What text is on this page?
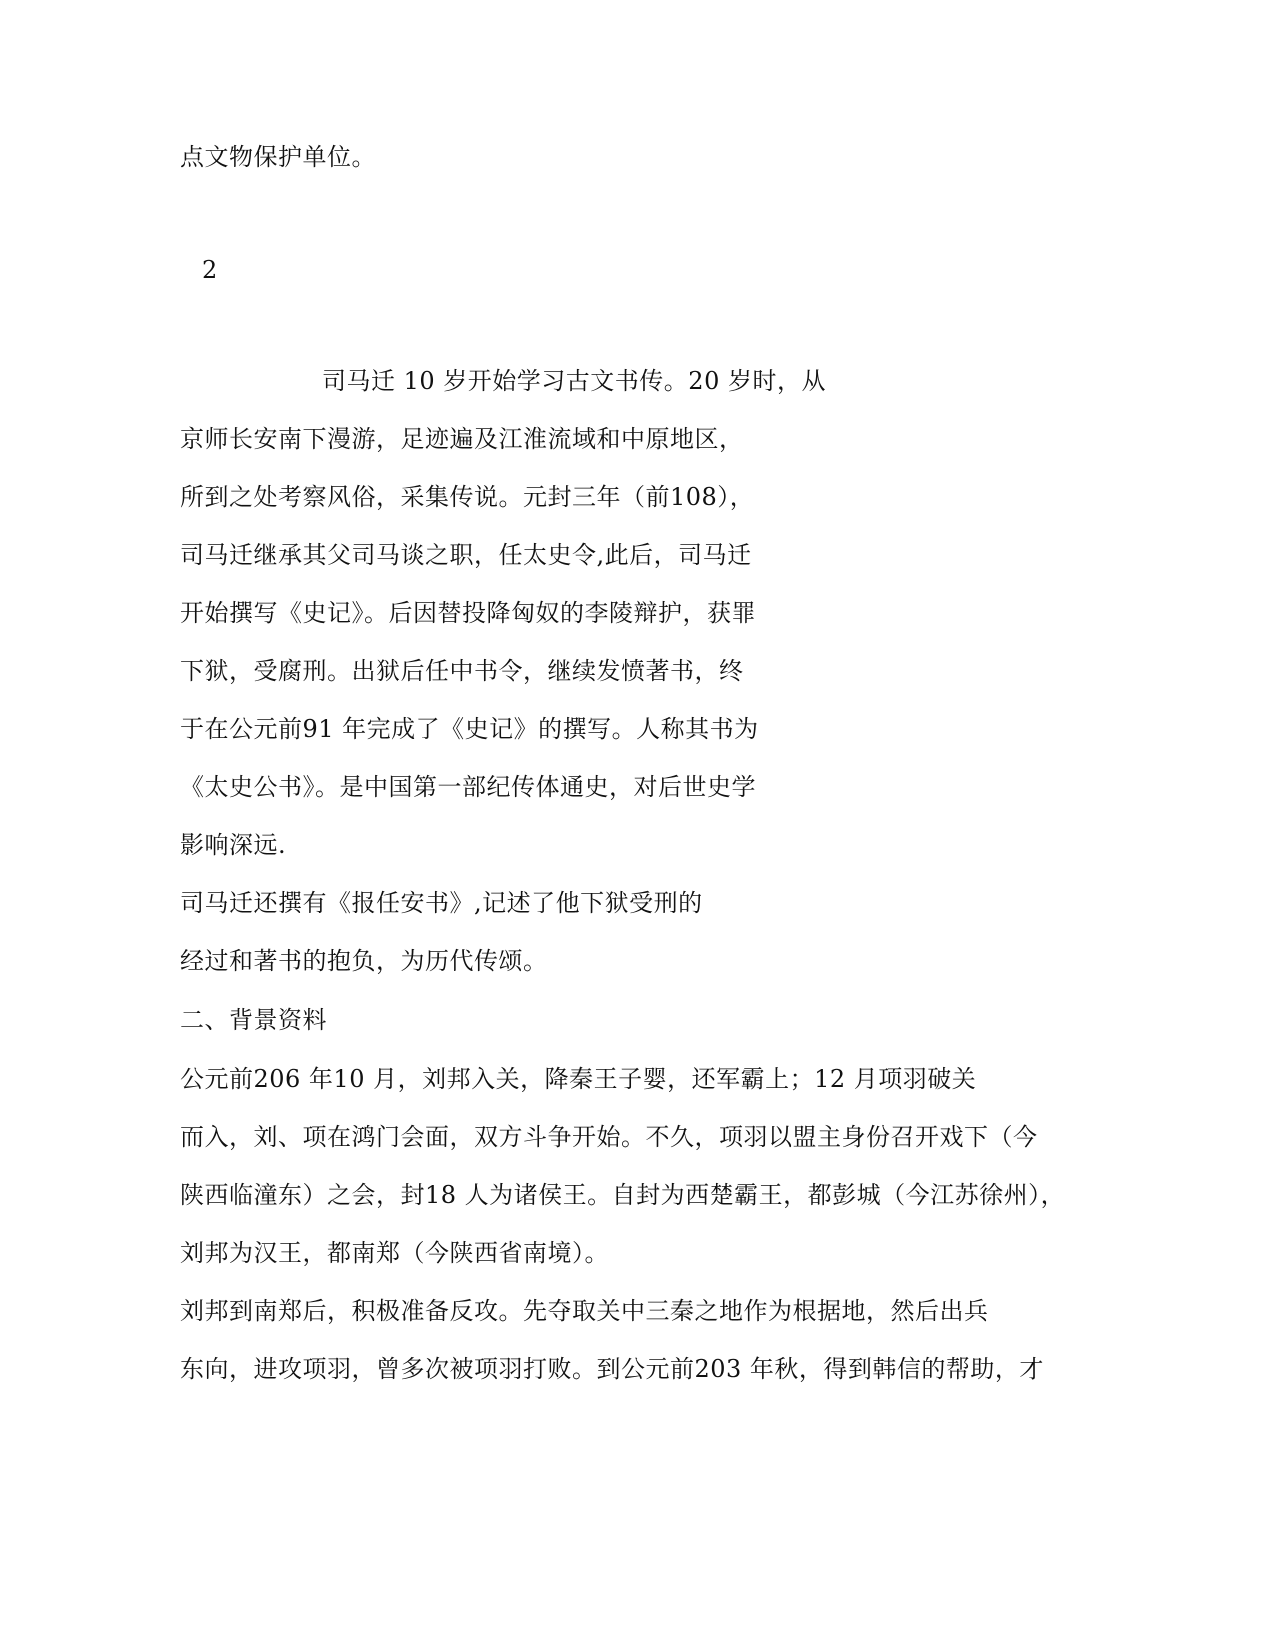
点文物保护单位。
2
司马迁 10 岁开始学习古文书传。20 岁时，从
京师长安南下漫游，足迹遍及江淮流域和中原地区，
所到之处考察风俗，采集传说。元封三年（前108），
司马迁继承其父司马谈之职，任太史令,此后，司马迁
开始撰写《史记》。后因替投降匈奴的李陵辩护，获罪
下狱，受腐刑。出狱后任中书令，继续发愤著书，终
于在公元前91 年完成了《史记》的撰写。人称其书为
《太史公书》。是中国第一部纪传体通史，对后世史学
影响深远.
司马迁还撰有《报任安书》,记述了他下狱受刑的
经过和著书的抱负，为历代传颂。
二、背景资料
公元前206 年10 月，刘邦入关，降秦王子婴，还军霸上；12 月项羽破关
而入，刘、项在鸿门会面，双方斗争开始。不久，项羽以盟主身份召开戏下（今
陕西临潼东）之会，封18 人为诸侯王。自封为西楚霸王，都彭城（今江苏徐州），
刘邦为汉王，都南郑（今陕西省南境）。
刘邦到南郑后，积极准备反攻。先夺取关中三秦之地作为根据地，然后出兵
东向，进攻项羽，曾多次被项羽打败。到公元前203 年秋，得到韩信的帮助，才
